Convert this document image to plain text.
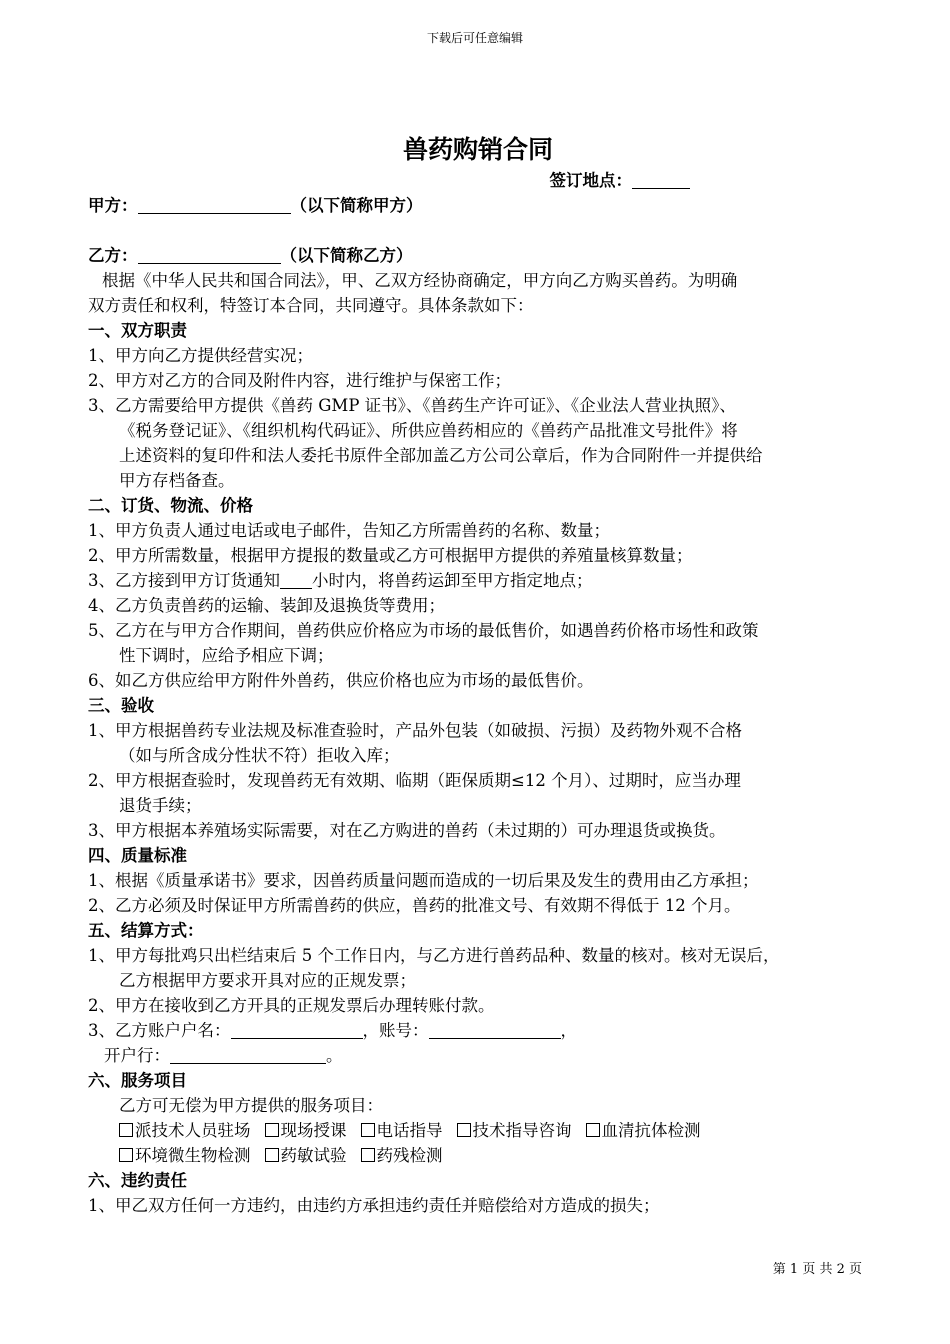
下载后可任意编辑
兽药购销合同
签订地点：
甲方：	（以下简称甲方）
乙方：	（以下简称乙方）
根据《中华人民共和国合同法》，甲、乙双方经协商确定，甲方向乙方购买兽药。为明确
双方责任和权利，特签订本合同，共同遵守。具体条款如下：
一、双方职责
1、甲方向乙方提供经营实况；
2、甲方对乙方的合同及附件内容，进行维护与保密工作；
3、乙方需要给甲方提供《兽药 GMP 证书》、《兽药生产许可证》、《企业法人营业执照》、
《税务登记证》、《组织机构代码证》、所供应兽药相应的《兽药产品批准文号批件》将
上述资料的复印件和法人委托书原件全部加盖乙方公司公章后，作为合同附件一并提供给
甲方存档备查。
二、订货、物流、价格
1、甲方负责人通过电话或电子邮件，告知乙方所需兽药的名称、数量；
2、甲方所需数量，根据甲方提报的数量或乙方可根据甲方提供的养殖量核算数量；
3、乙方接到甲方订货通知 小时内，将兽药运卸至甲方指定地点；
4、乙方负责兽药的运输、装卸及退换货等费用；
5、乙方在与甲方合作期间，兽药供应价格应为市场的最低售价，如遇兽药价格市场性和政策
性下调时，应给予相应下调；
6、如乙方供应给甲方附件外兽药，供应价格也应为市场的最低售价。
三、验收
1、甲方根据兽药专业法规及标准查验时，产品外包装（如破损、污损）及药物外观不合格
（如与所含成分性状不符）拒收入库；
2、甲方根据查验时，发现兽药无有效期、临期（距保质期≤12 个月）、过期时，应当办理
退货手续；
3、甲方根据本养殖场实际需要，对在乙方购进的兽药（未过期的）可办理退货或换货。
四、质量标准
1、根据《质量承诺书》要求，因兽药质量问题而造成的一切后果及发生的费用由乙方承担；
2、乙方必须及时保证甲方所需兽药的供应，兽药的批准文号、有效期不得低于 12 个月。
五、结算方式：
1、甲方每批鸡只出栏结束后 5 个工作日内，与乙方进行兽药品种、数量的核对。核对无误后，
乙方根据甲方要求开具对应的正规发票；
2、甲方在接收到乙方开具的正规发票后办理转账付款。
3、乙方账户户名：	，账号：	，
开户行：	。
六、服务项目
乙方可无偿为甲方提供的服务项目：
派技术人员驻场 现场授课 电话指导 技术指导咨询 血清抗体检测
环境微生物检测 药敏试验 药残检测
六、违约责任
1、甲乙双方任何一方违约，由违约方承担违约责任并赔偿给对方造成的损失；
第 1 页 共 2 页
